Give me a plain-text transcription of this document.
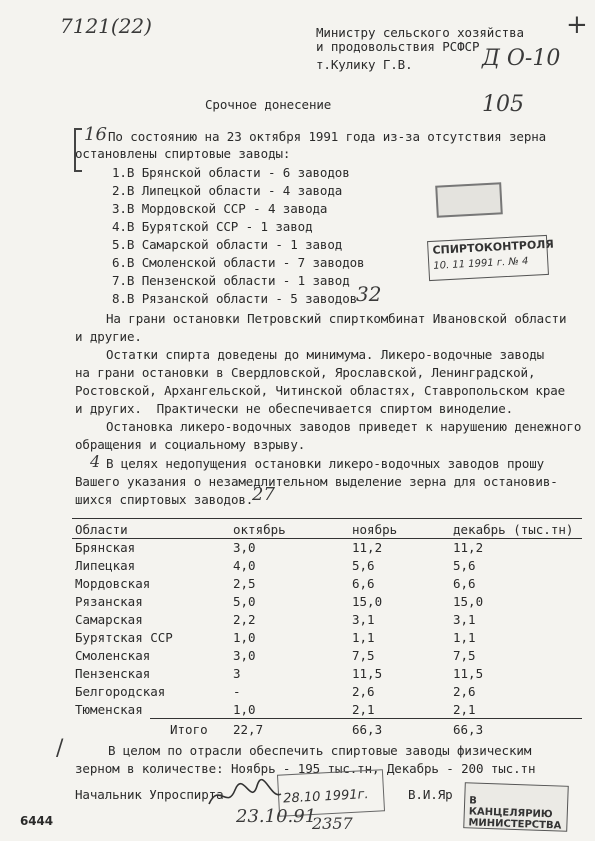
7121(22)	+
Министру сельского хозяйства
и продовольствия РСФСР
т.Кулику Г.В.	Д О-10
Срочное донесение	105
16 По состоянию на 23 октября 1991 года из-за отсутствия зерна
остановлены спиртовые заводы:
1.В Брянской области - 6 заводов
2.В Липецкой области - 4 завода
3.В Мордовской ССР - 4 завода
4.В Бурятской ССР - 1 завод
5.В Самарской области - 1 завод
6.В Смоленской области - 7 заводов
7.В Пензенской области - 1 завод
8.В Рязанской области - 5 заводов
32
СПИРТОКОНТРОЛЯ
10. 11 1991 г. № 4
На грани остановки Петровский спирткомбинат Ивановской области
и другие.
Остатки спирта доведены до минимума. Ликеро-водочные заводы
на грани остановки в Свердловской, Ярославской, Ленинградской,
Ростовской, Архангельской, Читинской областях, Ставропольском крае
и других.  Практически не обеспечивается спиртом виноделие.
Остановка ликеро-водочных заводов приведет к нарушению денежного
обращения и социальному взрыву.
4 В целях недопущения остановки ликеро-водочных заводов прошу
Вашего указания о незамедлительном выделение зерна для остановив-
шихся спиртовых заводов.
27
Области	октябрь	ноябрь	декабрь (тыс.тн)
Брянская	3,0	11,2	11,2
Липецкая	4,0	5,6	5,6
Мордовская	2,5	6,6	6,6
Рязанская	5,0	15,0	15,0
Самарская	2,2	3,1	3,1
Бурятская ССР	1,0	1,1	1,1
Смоленская	3,0	7,5	7,5
Пензенская	3	11,5	11,5
Белгородская	-	2,6	2,6
Тюменская	1,0	2,1	2,1
Итого 22,7	66,3	66,3
/	В целом по отрасли обеспечить спиртовые заводы физическим
зерном в количестве: Ноябрь - 195 тыс.тн, Декабрь - 200 тыс.тн
28.10 1991г.	В КАНЦЕЛЯРИЮ
МИНИСТЕРСТВА
Начальник Упроспирта	В.И.Яр
6444	23.10.91
2357
